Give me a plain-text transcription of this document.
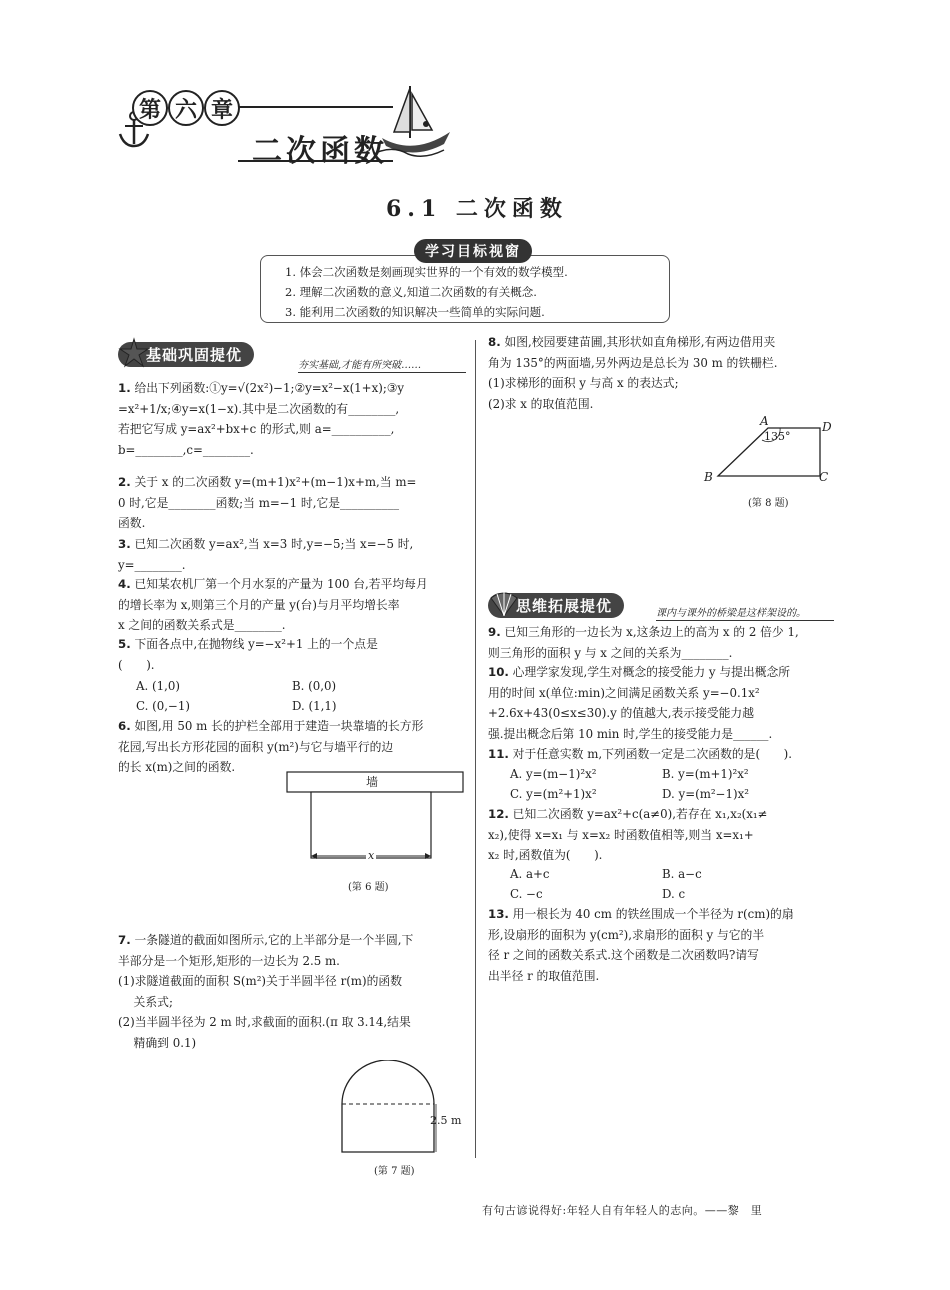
第 六 章
二次函数
6.1 二次函数
学习目标视窗
1. 体会二次函数是刻画现实世界的一个有效的数学模型.
2. 理解二次函数的意义,知道二次函数的有关概念.
3. 能利用二次函数的知识解决一些简单的实际问题.
基础巩固提优
夯实基础,才能有所突破……
1. 给出下列函数:①y=√(2x²)−1;②y=x²−x(1+x);③y
=x²+1/x;④y=x(1−x).其中是二次函数的有________,
若把它写成 y=ax²+bx+c 的形式,则 a=__________,
b=________,c=________.
2. 关于 x 的二次函数 y=(m+1)x²+(m−1)x+m,当 m=
0 时,它是________函数;当 m=−1 时,它是__________
函数.
3. 已知二次函数 y=ax²,当 x=3 时,y=−5;当 x=−5 时,
y=________.
4. 已知某农机厂第一个月水泵的产量为 100 台,若平均每月
的增长率为 x,则第三个月的产量 y(台)与月平均增长率
x 之间的函数关系式是________.
5. 下面各点中,在抛物线 y=−x²+1 上的一个点是
(　　).
A. (1,0)	B. (0,0)
C. (0,−1)	D. (1,1)
6. 如图,用 50 m 长的护栏全部用于建造一块靠墙的长方形
花园,写出长方形花园的面积 y(m²)与它与墙平行的边
的长 x(m)之间的函数.
墙
x
(第 6 题)
7. 一条隧道的截面如图所示,它的上半部分是一个半圆,下
半部分是一个矩形,矩形的一边长为 2.5 m.
(1)求隧道截面的面积 S(m²)关于半圆半径 r(m)的函数
　 关系式;
(2)当半圆半径为 2 m 时,求截面的面积.(π 取 3.14,结果
　 精确到 0.1)
2.5 m
(第 7 题)
8. 如图,校园要建苗圃,其形状如直角梯形,有两边借用夹
角为 135°的两面墙,另外两边是总长为 30 m 的铁栅栏.
(1)求梯形的面积 y 与高 x 的表达式;
(2)求 x 的取值范围.
A	D
B	C
135°
(第 8 题)
思维拓展提优	课内与课外的桥梁是这样架设的。
9. 已知三角形的一边长为 x,这条边上的高为 x 的 2 倍少 1,
则三角形的面积 y 与 x 之间的关系为________.
10. 心理学家发现,学生对概念的接受能力 y 与提出概念所
用的时间 x(单位:min)之间满足函数关系 y=−0.1x²
+2.6x+43(0≤x≤30).y 的值越大,表示接受能力越
强.提出概念后第 10 min 时,学生的接受能力是______.
11. 对于任意实数 m,下列函数一定是二次函数的是(　　).
A. y=(m−1)²x²	B. y=(m+1)²x²
C. y=(m²+1)x²	D. y=(m²−1)x²
12. 已知二次函数 y=ax²+c(a≠0),若存在 x₁,x₂(x₁≠
x₂),使得 x=x₁ 与 x=x₂ 时函数值相等,则当 x=x₁+
x₂ 时,函数值为(　　).
A. a+c	B. a−c
C. −c	D. c
13. 用一根长为 40 cm 的铁丝围成一个半径为 r(cm)的扇
形,设扇形的面积为 y(cm²),求扇形的面积 y 与它的半
径 r 之间的函数关系式.这个函数是二次函数吗?请写
出半径 r 的取值范围.
有句古谚说得好:年轻人自有年轻人的志向。——黎　里
